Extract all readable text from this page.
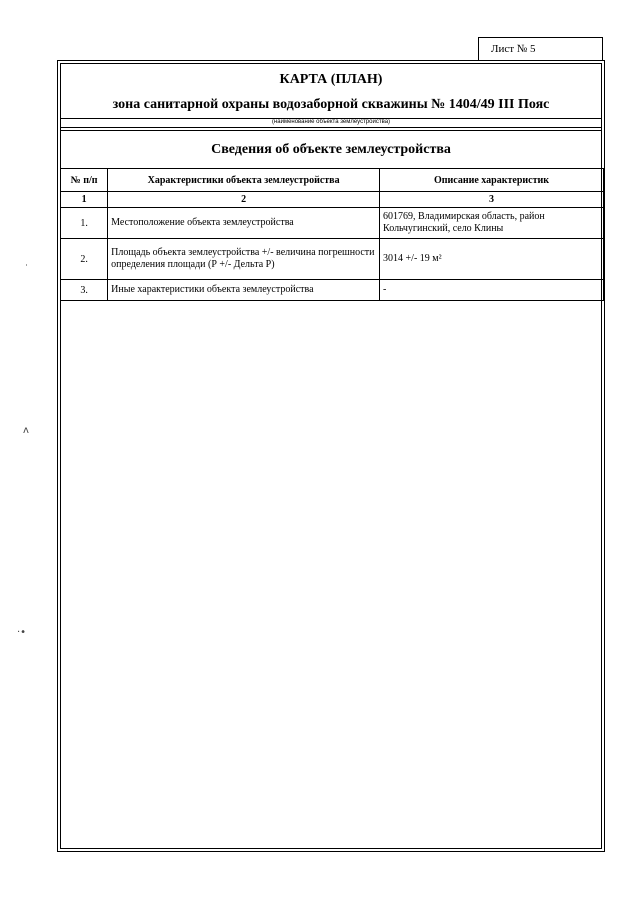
Лист № 5
КАРТА (ПЛАН)
зона санитарной охраны водозаборной скважины № 1404/49 III Пояс
(наименование объекта землеустройства)
Сведения об объекте землеустройства
№ п/п	Характеристики объекта землеустройства	Описание характеристик
1	2	3
1.	Местоположение объекта землеустройства	601769, Владимирская область, район Кольчугинский, село Клины
2.	Площадь объекта землеустройства +/- величина погрешности определения площади (Р +/- Дельта Р)	3014 +/- 19 м²
3.	Иные характеристики объекта землеустройства	-
˙
ʌ
·•
